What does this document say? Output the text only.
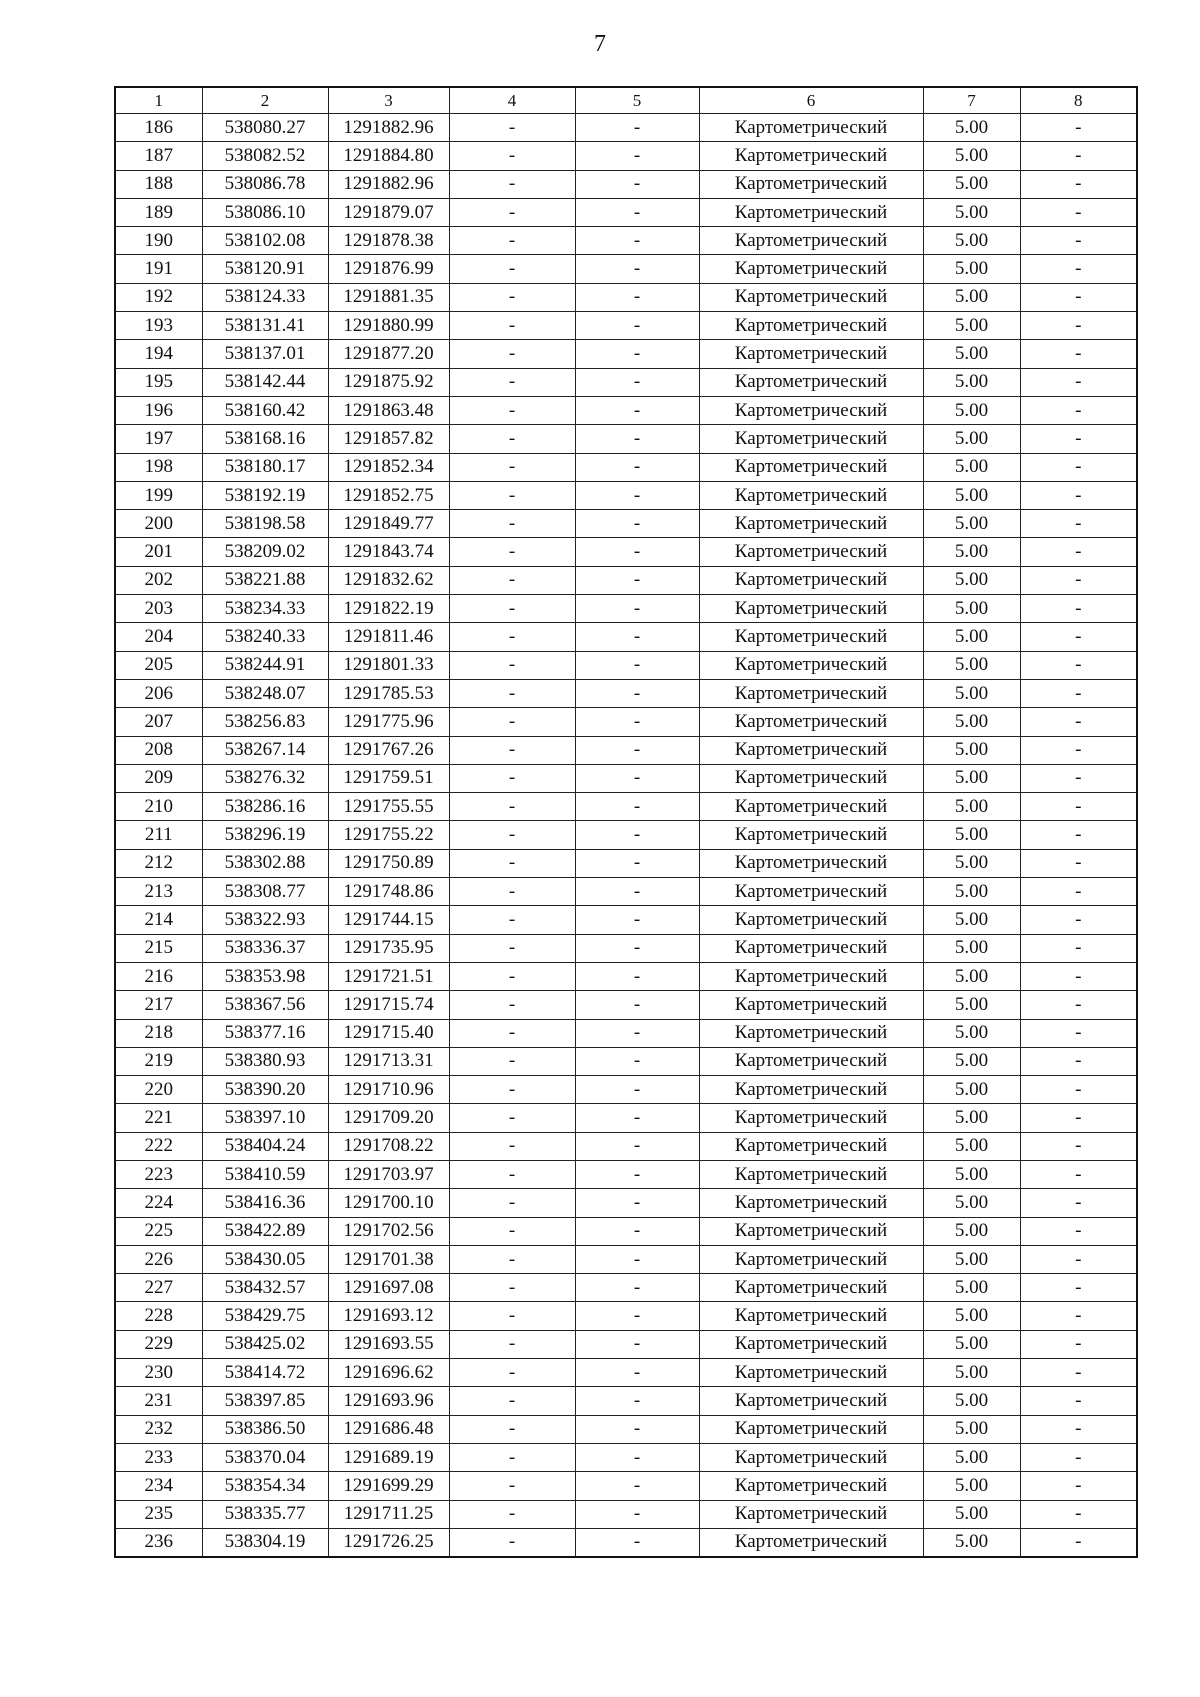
7
1	2	3	4	5	6	7	8
186	538080.27	1291882.96	-	-	Картометрический	5.00	-
187	538082.52	1291884.80	-	-	Картометрический	5.00	-
188	538086.78	1291882.96	-	-	Картометрический	5.00	-
189	538086.10	1291879.07	-	-	Картометрический	5.00	-
190	538102.08	1291878.38	-	-	Картометрический	5.00	-
191	538120.91	1291876.99	-	-	Картометрический	5.00	-
192	538124.33	1291881.35	-	-	Картометрический	5.00	-
193	538131.41	1291880.99	-	-	Картометрический	5.00	-
194	538137.01	1291877.20	-	-	Картометрический	5.00	-
195	538142.44	1291875.92	-	-	Картометрический	5.00	-
196	538160.42	1291863.48	-	-	Картометрический	5.00	-
197	538168.16	1291857.82	-	-	Картометрический	5.00	-
198	538180.17	1291852.34	-	-	Картометрический	5.00	-
199	538192.19	1291852.75	-	-	Картометрический	5.00	-
200	538198.58	1291849.77	-	-	Картометрический	5.00	-
201	538209.02	1291843.74	-	-	Картометрический	5.00	-
202	538221.88	1291832.62	-	-	Картометрический	5.00	-
203	538234.33	1291822.19	-	-	Картометрический	5.00	-
204	538240.33	1291811.46	-	-	Картометрический	5.00	-
205	538244.91	1291801.33	-	-	Картометрический	5.00	-
206	538248.07	1291785.53	-	-	Картометрический	5.00	-
207	538256.83	1291775.96	-	-	Картометрический	5.00	-
208	538267.14	1291767.26	-	-	Картометрический	5.00	-
209	538276.32	1291759.51	-	-	Картометрический	5.00	-
210	538286.16	1291755.55	-	-	Картометрический	5.00	-
211	538296.19	1291755.22	-	-	Картометрический	5.00	-
212	538302.88	1291750.89	-	-	Картометрический	5.00	-
213	538308.77	1291748.86	-	-	Картометрический	5.00	-
214	538322.93	1291744.15	-	-	Картометрический	5.00	-
215	538336.37	1291735.95	-	-	Картометрический	5.00	-
216	538353.98	1291721.51	-	-	Картометрический	5.00	-
217	538367.56	1291715.74	-	-	Картометрический	5.00	-
218	538377.16	1291715.40	-	-	Картометрический	5.00	-
219	538380.93	1291713.31	-	-	Картометрический	5.00	-
220	538390.20	1291710.96	-	-	Картометрический	5.00	-
221	538397.10	1291709.20	-	-	Картометрический	5.00	-
222	538404.24	1291708.22	-	-	Картометрический	5.00	-
223	538410.59	1291703.97	-	-	Картометрический	5.00	-
224	538416.36	1291700.10	-	-	Картометрический	5.00	-
225	538422.89	1291702.56	-	-	Картометрический	5.00	-
226	538430.05	1291701.38	-	-	Картометрический	5.00	-
227	538432.57	1291697.08	-	-	Картометрический	5.00	-
228	538429.75	1291693.12	-	-	Картометрический	5.00	-
229	538425.02	1291693.55	-	-	Картометрический	5.00	-
230	538414.72	1291696.62	-	-	Картометрический	5.00	-
231	538397.85	1291693.96	-	-	Картометрический	5.00	-
232	538386.50	1291686.48	-	-	Картометрический	5.00	-
233	538370.04	1291689.19	-	-	Картометрический	5.00	-
234	538354.34	1291699.29	-	-	Картометрический	5.00	-
235	538335.77	1291711.25	-	-	Картометрический	5.00	-
236	538304.19	1291726.25	-	-	Картометрический	5.00	-
